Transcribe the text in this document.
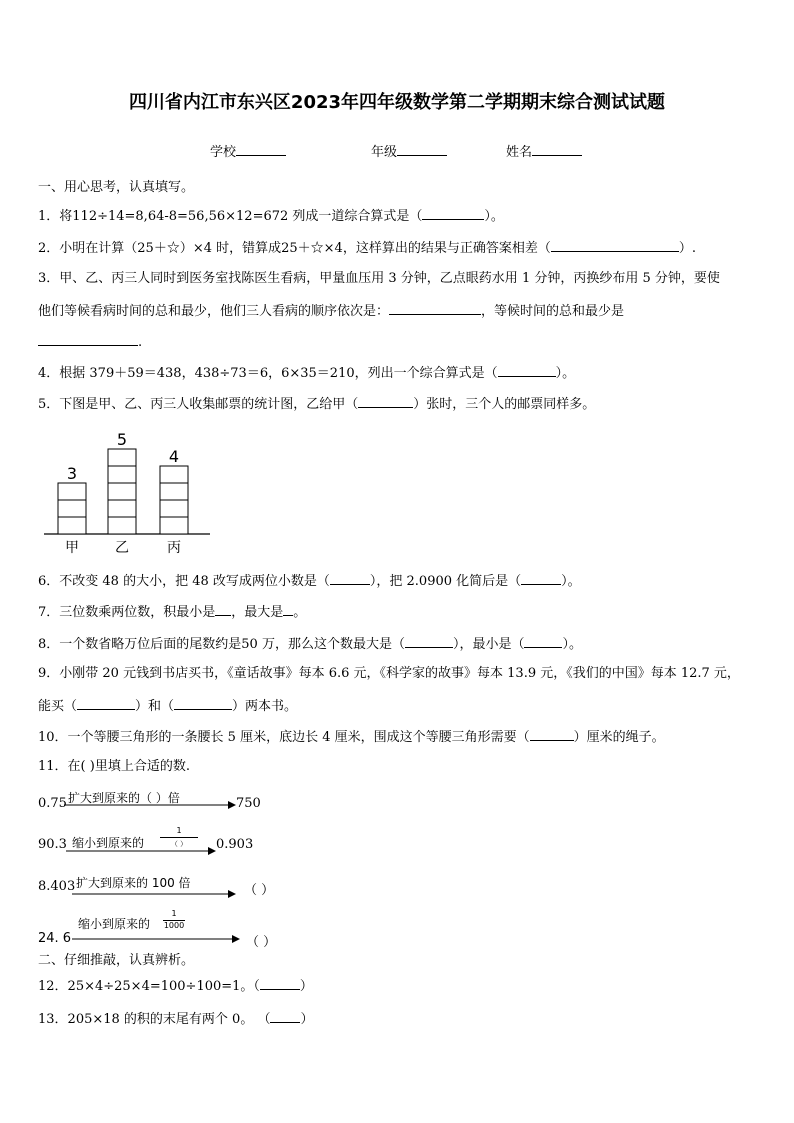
四川省内江市东兴区2023年四年级数学第二学期期末综合测试试题
学校	年级	姓名
一、用心思考，认真填写。
1．将112÷14=8,64-8=56,56×12=672 列成一道综合算式是（	）。
2．小明在计算（25＋☆）×4 时，错算成25＋☆×4，这样算出的结果与正确答案相差（	）.
3．甲、乙、丙三人同时到医务室找陈医生看病，甲量血压用 3 分钟，乙点眼药水用 1 分钟，丙换纱布用 5 分钟，要使
他们等候看病时间的总和最少，他们三人看病的顺序依次是：	，等候时间的总和最少是
.
4．根据 379＋59＝438，438÷73＝6，6×35＝210，列出一个综合算式是（	）。
5．下图是甲、乙、丙三人收集邮票的统计图，乙给甲（	）张时，三个人的邮票同样多。
3
甲
5
乙
4
丙
6．不改变 48 的大小，把 48 改写成两位小数是（	），把 2.0900 化简后是（	）。
7．三位数乘两位数，积最小是 ，最大是 。
8．一个数省略万位后面的尾数约是50 万，那么这个数最大是（	），最小是（	）。
9．小刚带 20 元钱到书店买书，《童话故事》每本 6.6 元，《科学家的故事》每本 13.9 元，《我们的中国》每本 12.7 元，
能买（	）和（	）两本书。
10．一个等腰三角形的一条腰长 5 厘米，底边长 4 厘米，围成这个等腰三角形需要（	）厘米的绳子。
11．在( )里填上合适的数.
0.75 扩大到原来的（ ）倍	750
90.3 缩小到原来的
1
（ ）	0.903
8.403 扩大到原来的 100 倍	（ ）
缩小到原来的
1
1000
24. 6	（ ）
二、仔细推敲，认真辨析。
12．25×4÷25×4=100÷100=1。（	）
13．205×18 的积的末尾有两个 0。 （ ）
